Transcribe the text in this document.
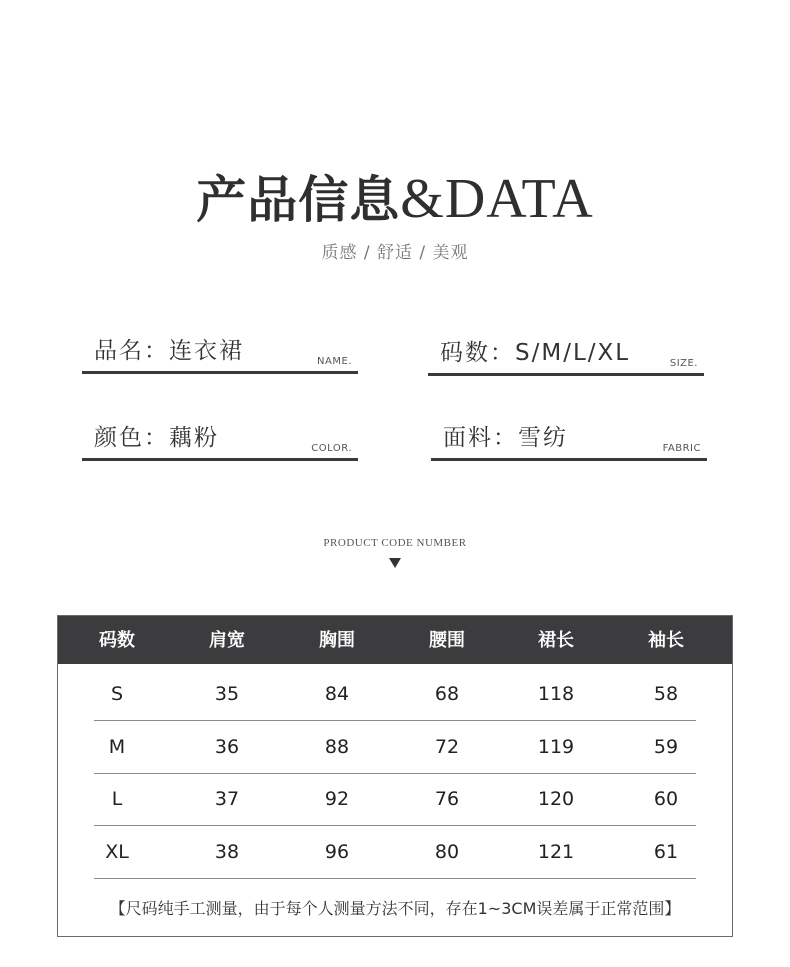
产品信息&DATA
质感 / 舒适 / 美观
品名：连衣裙	NAME.	码数：S/M/L/XL	SIZE.
颜色：藕粉	COLOR.	面料：雪纺	FABRIC
PRODUCT CODE NUMBER
码数	肩宽	胸围	腰围	裙长	袖长
S	35	84	68	118	58
M	36	88	72	119	59
L	37	92	76	120	60
XL	38	96	80	121	61
【尺码纯手工测量，由于每个人测量方法不同，存在1~3CM误差属于正常范围】
